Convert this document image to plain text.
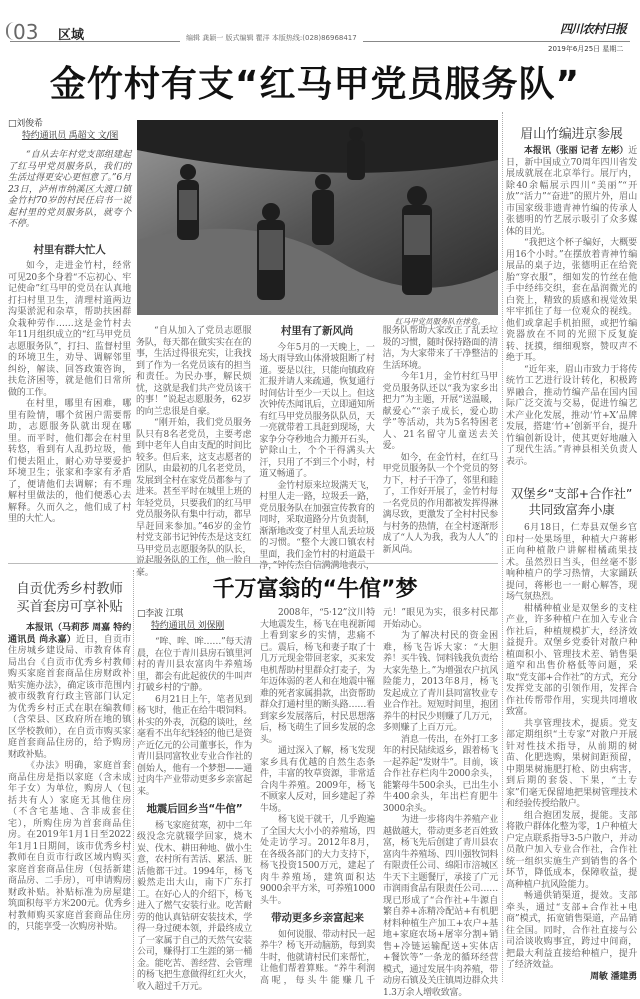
03 区域	编辑 龚颖一 版式编辑 瞿洋 本版热线:(028)86968417
四川农村日报
2019年6月25日 星期二
金竹村有支“红马甲党员服务队”
□刘俊希
特约通讯员 禹超文 文/图

“自从去年村党支部组建起了红马甲党员服务队，我们的生活过得更安心更恒意了。”6月23日，泸州市纳溪区大渡口镇金竹村70岁的村民任启书一说起村里的党员服务队，就夸个不停。

村里有群大忙人

如今，走进金竹村，经常可见20多个身着“不忘初心、牢记使命”红马甲的党员在认真地打扫村里卫生，清理村道两边沟渠淤泥和杂草，帮助扶困群众栽种劳作……这是金竹村去年11月组织成立的“红马甲党员志愿服务队”，打扫、监督村里的环境卫生，劝导、调解邻里纠纷，解读、回答政策咨询，扶危济困等，就是他们日常所做的工作。

在村里，哪里有困难，哪里有险情，哪个贫困户需要帮助，志愿服务队就出现在哪里。而平时，他们都会在村里转悠，看到有人乱扔垃圾，他们便去阻止，耐心劝导要爱护环境卫生；张家和李家有矛盾了，便请他们去调解；有不理解村里做法的，他们便悉心去解释。久而久之，他们成了村里的大忙人。

红马甲党员服务队在排危。

“自从加入了党员志愿服务队，每天都在做实实在在的事，生活过得很充实，让我找到了作为一名党员该有的担当和责任。为民办事，解民烦忧，这就是我们共产党员该干的事！”说起志愿服务，62岁的向兰忠很是自豪。

“刚开始，我们党员服务队只有8名老党员，主要考虑到中老年人自由支配的时间比较多。但后来，这支志愿者的团队，由最初的几名老党员，发展到全村在家党员都参与了进来。甚至平时在城里上班的年轻党员，只要我们的红马甲党员服务队有集中行动，都早早赶回来参加。”46岁的金竹村党支部书记钟传杰是这支红马甲党员志愿服务队的队长，说起服务队的工作，他一脸自豪。

村里有了新风尚

今年5月的一天晚上，一场大雨导致山体滑坡阻断了村道。要是以往，只能向镇政府汇报并请人来疏通，恢复通行时间估计至少一天以上。但这次钟传杰闻讯后，立即通知所有红马甲党员服务队队员，天一亮就带着工具赶到现场，大家争分夺秒地合力搬开石头，铲除山土，个个干得满头大汗，只用了不到三个小时，村道又畅通了。

金竹村原来垃圾满天飞，村里人走一路，垃圾丢一路，党员服务队在加强宣传教育的同时，采取道路分片负责制，渐渐地改变了村里人乱丢垃圾的习惯。“整个大渡口镇农村里面，我们金竹村的村道最干净，”钟传杰自信满满地表示，服务队帮助大家改正了乱丢垃圾的习惯，随时保持路面的清洁，为大家带来了干净整洁的生活环境。

今年1月，金竹村红马甲党员服务队还以“我为家乡出把力”为主题，开展“送温暖，献爱心”“亲子成长，爱心助学”等活动，共为5名特困老人、21名留守儿童送去关爱。

如今，在金竹村，在红马甲党员服务队一个个党员的努力下，村子干净了，邻里和睦了，工作好开展了，金竹村每一名党员的作用都被发挥得淋漓尽致，更激发了全村村民参与村务的热情，在全村逐渐形成了“人人为我，我为人人”的新风尚。

眉山竹编进京参展

本报讯（张丽 记者 左彬）近日，新中国成立70周年四川省发展成就展在北京举行。展厅内，除40余幅展示四川“美丽”“开放”“活力”“奋进”的照片外，眉山市国家级非遗青神竹编的传承人张德明的竹艺展示吸引了众多媒体的目光。

“我把这个杯子编好，大概要用16个小时。”在摆放着青神竹编展品的桌子边，张德明正在给瓷胎“穿衣服”，细如发的竹丝在他手中经纬交织，套在晶润微光的白瓷上，精致的质感和视觉效果牢牢抓住了每一位观众的视线。他们或拿起手机拍照，或把竹编瓷器放在不同的光照下反复旋转、抚摸，细细观察，赞叹声不绝于耳。

“近年来，眉山市致力于将传统竹工艺进行设计转化，积极跨界融合，推动竹编产品在国内国际广泛交流与交易，促进竹编艺术产业化发展，推动‘竹+X’品牌发展，搭建‘竹+’创新平台，提升竹编创新设计，使其更好地融入了现代生活。”青神县相关负责人表示。

双堡乡“支部+合作社”
共同致富奔小康

6月18日，仁寿县双堡乡官印村一处果场里，种植大户蒋彬正向种植散户讲解柑橘疏果技术。虽然烈日当头，但丝毫不影响种植户的学习热情，大家踊跃提问，蒋彬也一一耐心解答，现场气氛热烈。

柑橘种植业是双堡乡的支柱产业，许多种植户在加入专业合作社后，种植规模扩大，经济效益提升。双堡乡党委针对散户种植面积小、管理技术差、销售渠道窄和出售价格低等问题，采取“党支部+合作社”的方式，充分发挥党支部的引领作用，发挥合作社传帮带作用，实现共同增收致富。

共享管理技术，提质。党支部定期组织“土专家”对散户开展针对性技术指导，从前期的树苗、化肥选购，果树间距预留，中期果树施肥打枪、防虫病害，到后期的套袋、下果，“土专家”们毫无保留地把果树管理技术和经验传授给散户。

组合抱团发展，提能。支部将散户群体化整为零，1户种植大户定点联系指导3-5户散户，并动员散户加入专业合作社，合作社统一组织实施生产到销售的各个环节，降低成本，保障收益，提高种植户抗风险能力。

畅通供销渠道，提效。支部牵头，通过“支部+合作社+电商”模式，拓宽销售渠道，产品销往全国。同时，合作社直接与公司洽谈收购事宜，跨过中间商，把最大利益直接给种植户，提升了经济效益。

周敏 潘建勇
自贡优秀乡村教师
买首套房可享补贴

本报讯（马莉莎 周嘉 特约通讯员 尚永嘉）近日，自贡市住房城乡建设局、市教育体育局出台《自贡市优秀乡村教师购买家庭首套商品住房财政补贴实施办法》，确定该市范围内被市级教育行政主管部门认定为优秀乡村正式在职在编教师（含荣县、区政府所在地的镇区学校教师），在自贡市购买家庭首套商品住房的，给予购房财政补贴。

《办法》明确，家庭首套商品住房是指以家庭（含未成年子女）为单位，购房人（包括共有人）家庭无其他住房（不含宅基地、含非成套住宅），所购住房为首套商品住房。在2019年1月1日至2022年1月1日期间，该市优秀乡村教师在自贡市行政区域内购买家庭首套商品住房（包括新建商品房、二手房），可申请购房财政补贴。补贴标准为房屋建筑面积每平方米200元。优秀乡村教师购买家庭首套商品住房的，只能享受一次购房补贴。

千万富翁的“牛倌”梦
□李波 江琪
特约通讯员 刘保刚

“哞、哞、哞……”每天清晨，在位于青川县房石镇里河村的青川县农富肉牛养殖场里，都会有此起彼伏的牛叫声打破乡村的宁静。

6月21日上午，笔者见到杨飞时，他正在给牛喂饲料。朴实的外表，沉稳的谈吐，丝毫看不出年纪轻轻的他已是资产近亿元的公司董事长，作为青川县同富牧业专业合作社的创始人，他有一个梦想——通过肉牛产业带动更多乡亲富起来。

地震后回乡当“牛倌”

杨飞家庭贫寒，初中二年级没念完就辍学回家，烧木炭、伐木、耕田种地、做小生意，农村所有苦活、累活、脏活他都干过。1994年，杨飞毅然走出大山，南下广东打工。在好心人的介绍下，杨飞进入了燃气安装行业。吃苦耐劳的他认真钻研安装技术，学得一身过硬本领，并最终成立了一家属于自己的天然气安装公司，赚得打工生涯的第一桶金。能吃苦、善经营、会管理的杨飞把生意做得红红火火，收入超过千万元。

2008年，“5·12”汶川特大地震发生，杨飞在电视新闻上看到家乡的实情，悲痛不已。震后，杨飞和妻子取了十几万元现金带回老家，买来发电机帮助村里群众打麦子，为年迈体弱的老人和在地震中罹难的死者家属捐款，出资帮助群众打通村里的断头路……看到家乡发展落后，村民思想落后，杨飞萌生了回乡发展的念头。

通过深入了解，杨飞发现家乡具有优越的自然生态条件，丰富的牧草资源，非常适合肉牛养殖。2009年，杨飞不顾家人反对，回乡建起了养牛场。

杨飞说干就干，几乎跑遍了全国大大小小的养殖场，四处走访学习。2012年8月，在各级各部门的大力支持下，杨飞投资1500万元，建起了肉牛养殖场，建筑面积达9000余平方米，可养殖1000头牛。

带动更多乡亲富起来

如何说服、带动村民一起养牛？杨飞开动脑筋，每到卖牛时，他就请村民们来帮忙，让他们帮着算账。“养牛利润高呢，每头牛能赚几千元！”眼见为实，很多村民都开始动心。

为了解决村民的资金困难，杨飞告诉大家：“大胆养！买牛钱、饲料钱我负责给大家先垫上。”为增强农户抗风险能力，2013年8月，杨飞发起成立了青川县同富牧业专业合作社。短短时间里，抱团养牛的村民少则赚了几万元，多则赚了上百万元。

消息一传出，在外打工多年的村民陆续返乡，跟着杨飞一起养起“发财牛”。目前，该合作社存栏肉牛2000余头，能繁母牛500余头，已出生小牛400余头，年出栏育肥牛3000余头。

为进一步将肉牛养殖产业越做越大，带动更多老百姓致富，杨飞先后创建了青川县农富肉牛养殖场、四川强牧饲料有限责任公司、绵阳市涪城区牛天下主题餐厅，承接了广元市润雨食品有限责任公司……现已形成了“合作社+牛源自繁自养+冻精冷配站+有机肥材料种植生产加工+农户+基地+家庭农场+屠宰分割+销售+冷链运输配送+实体店+餐饮等”一条龙的循环经营模式，通过发展牛肉养殖，带动房石镇及关庄镇周边群众共1.3万余人增收致富。
